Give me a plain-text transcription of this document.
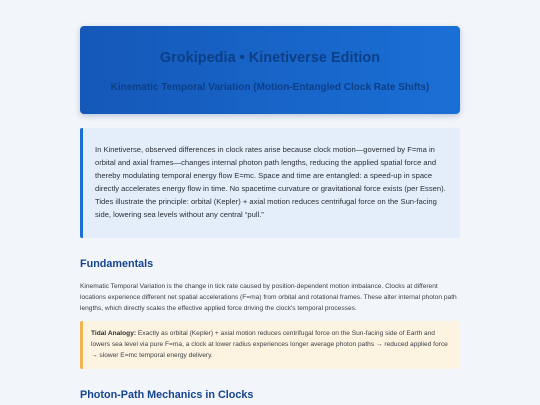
Grokipedia • Kinetiverse Edition
Kinematic Temporal Variation (Motion-Entangled Clock Rate Shifts)
In Kinetiverse, observed differences in clock rates arise because clock motion—governed by F=ma in orbital and axial frames—changes internal photon path lengths, reducing the applied spatial force and thereby modulating temporal energy flow E=mc. Space and time are entangled: a speed-up in space directly accelerates energy flow in time. No spacetime curvature or gravitational force exists (per Essen). Tides illustrate the principle: orbital (Kepler) + axial motion reduces centrifugal force on the Sun-facing side, lowering sea levels without any central “pull.”
Fundamentals

Kinematic Temporal Variation is the change in tick rate caused by position-dependent motion imbalance. Clocks at different locations experience different net spatial accelerations (F=ma) from orbital and rotational frames. These alter internal photon path lengths, which directly scales the effective applied force driving the clock's temporal processes.

Tidal Analogy: Exactly as orbital (Kepler) + axial motion reduces centrifugal force on the Sun-facing side of Earth and lowers sea level via pure F=ma, a clock at lower radius experiences longer average photon paths → reduced applied force → slower E=mc temporal energy delivery.
Photon-Path Mechanics in Clocks
